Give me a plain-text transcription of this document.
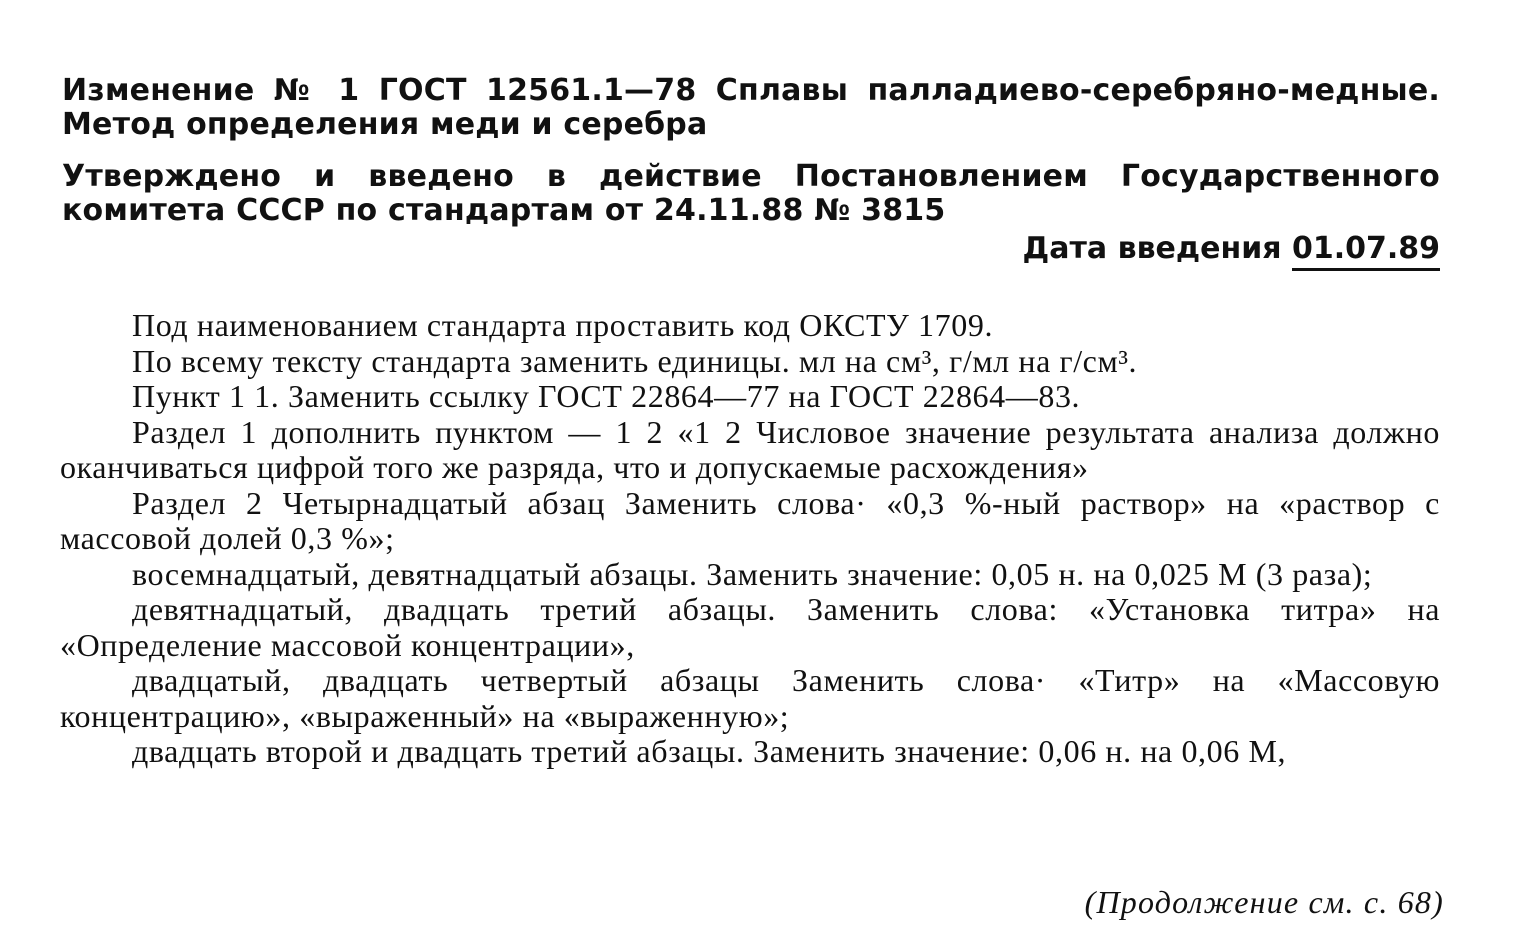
Изменение № 1 ГОСТ 12561.1—78 Сплавы палладиево-серебряно-медные. Метод определения меди и серебра
Утверждено и введено в действие Постановлением Государственного комитета СССР по стандартам от 24.11.88 № 3815
Дата введения 01.07.89

Под наименованием стандарта проставить код ОКСТУ 1709.

По всему тексту стандарта заменить единицы. мл на см³, г/мл на г/см³.

Пункт 1 1. Заменить ссылку ГОСТ 22864—77 на ГОСТ 22864—83.

Раздел 1 дополнить пунктом — 1 2 «1 2 Числовое значение результата анализа должно оканчиваться цифрой того же разряда, что и допускаемые расхождения»

Раздел 2 Четырнадцатый абзац Заменить слова· «0,3 %-ный раствор» на «раствор с массовой долей 0,3 %»;

восемнадцатый, девятнадцатый абзацы. Заменить значение: 0,05 н. на 0,025 М (3 раза);

девятнадцатый, двадцать третий абзацы. Заменить слова: «Установка титра» на «Определение массовой концентрации»,

двадцатый, двадцать четвертый абзацы Заменить слова· «Титр» на «Массовую концентрацию», «выраженный» на «выраженную»;

двадцать второй и двадцать третий абзацы. Заменить значение: 0,06 н. на 0,06 М,

(Продолжение см. с. 68)
